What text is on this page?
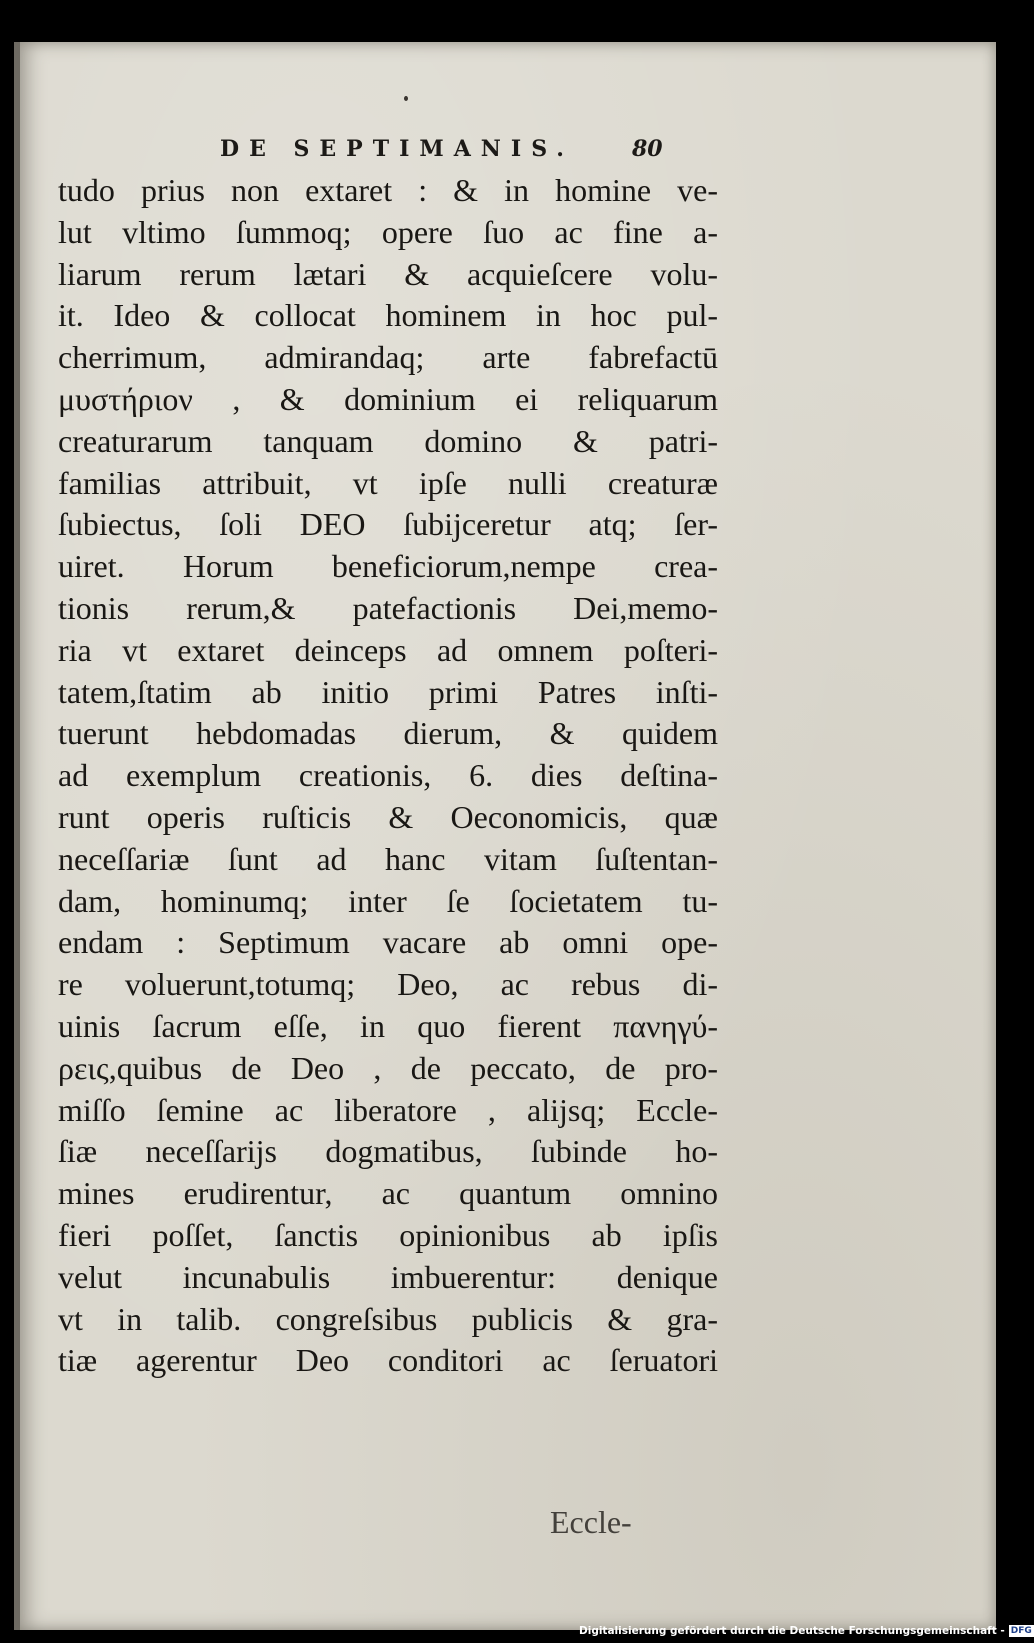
DE SEPTIMANIS.	80
tudo prius non extaret : & in homine ve-
lut vltimo ſummoq; opere ſuo ac fine a-
liarum rerum lætari & acquieſcere volu-
it. Ideo & collocat hominem in hoc pul-
cherrimum, admirandaq; arte fabrefactū
μυστήριον , & dominium ei reliquarum
creaturarum tanquam domino & patri-
familias attribuit, vt ipſe nulli creaturæ
ſubiectus, ſoli DEO ſubijceretur atq; ſer-
uiret. Horum beneficiorum,nempe crea-
tionis rerum,& patefactionis Dei,memo-
ria vt extaret deinceps ad omnem poſteri-
tatem,ſtatim ab initio primi Patres inſti-
tuerunt hebdomadas dierum, & quidem
ad exemplum creationis, 6. dies deſtina-
runt operis ruſticis & Oeconomicis, quæ
neceſſariæ ſunt ad hanc vitam ſuſtentan-
dam, hominumq; inter ſe ſocietatem tu-
endam : Septimum vacare ab omni ope-
re voluerunt,totumq; Deo, ac rebus di-
uinis ſacrum eſſe, in quo fierent πανηγύ-
ρεις,quibus de Deo , de peccato, de pro-
miſſo ſemine ac liberatore , alijsq; Eccle-
ſiæ neceſſarijs dogmatibus, ſubinde ho-
mines erudirentur, ac quantum omnino
fieri poſſet, ſanctis opinionibus ab ipſis
velut incunabulis imbuerentur: denique
vt in talib. congreſsibus publicis & gra-
tiæ agerentur Deo conditori ac ſeruatori
Eccle-
Digitalisierung gefördert durch die Deutsche Forschungsgemeinschaft - DFG
